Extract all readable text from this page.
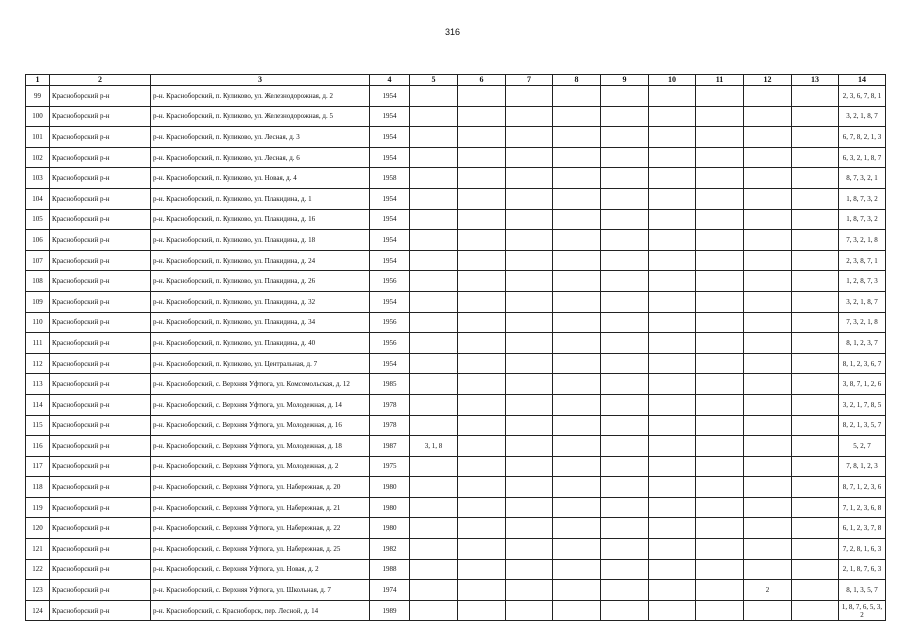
316
1	2	3	4	5	6	7	8	9	10	11	12	13	14
99	Красноборский р-н	р-н. Красноборский, п. Куликово, ул. Железнодорожная, д. 2	1954										2, 3, 6, 7, 8, 1
100	Красноборский р-н	р-н. Красноборский, п. Куликово, ул. Железнодорожная, д. 5	1954										3, 2, 1, 8, 7
101	Красноборский р-н	р-н. Красноборский, п. Куликово, ул. Лесная, д. 3	1954										6, 7, 8, 2, 1, 3
102	Красноборский р-н	р-н. Красноборский, п. Куликово, ул. Лесная, д. 6	1954										6, 3, 2, 1, 8, 7
103	Красноборский р-н	р-н. Красноборский, п. Куликово, ул. Новая, д. 4	1958										8, 7, 3, 2, 1
104	Красноборский р-н	р-н. Красноборский, п. Куликово, ул. Плакидина, д. 1	1954										1, 8, 7, 3, 2
105	Красноборский р-н	р-н. Красноборский, п. Куликово, ул. Плакидина, д. 16	1954										1, 8, 7, 3, 2
106	Красноборский р-н	р-н. Красноборский, п. Куликово, ул. Плакидина, д. 18	1954										7, 3, 2, 1, 8
107	Красноборский р-н	р-н. Красноборский, п. Куликово, ул. Плакидина, д. 24	1954										2, 3, 8, 7, 1
108	Красноборский р-н	р-н. Красноборский, п. Куликово, ул. Плакидина, д. 26	1956										1, 2, 8, 7, 3
109	Красноборский р-н	р-н. Красноборский, п. Куликово, ул. Плакидина, д. 32	1954										3, 2, 1, 8, 7
110	Красноборский р-н	р-н. Красноборский, п. Куликово, ул. Плакидина, д. 34	1956										7, 3, 2, 1, 8
111	Красноборский р-н	р-н. Красноборский, п. Куликово, ул. Плакидина, д. 40	1956										8, 1, 2, 3, 7
112	Красноборский р-н	р-н. Красноборский, п. Куликово, ул. Центральная, д. 7	1954										8, 1, 2, 3, 6, 7
113	Красноборский р-н	р-н. Красноборский, с. Верхняя Уфтюга, ул. Комсомольская, д. 12	1985										3, 8, 7, 1, 2, 6
114	Красноборский р-н	р-н. Красноборский, с. Верхняя Уфтюга, ул. Молодежная, д. 14	1978										3, 2, 1, 7, 8, 5
115	Красноборский р-н	р-н. Красноборский, с. Верхняя Уфтюга, ул. Молодежная, д. 16	1978										8, 2, 1, 3, 5, 7
116	Красноборский р-н	р-н. Красноборский, с. Верхняя Уфтюга, ул. Молодежная, д. 18	1987	3, 1, 8									5, 2, 7
117	Красноборский р-н	р-н. Красноборский, с. Верхняя Уфтюга, ул. Молодежная, д. 2	1975										7, 8, 1, 2, 3
118	Красноборский р-н	р-н. Красноборский, с. Верхняя Уфтюга, ул. Набережная, д. 20	1980										8, 7, 1, 2, 3, 6
119	Красноборский р-н	р-н. Красноборский, с. Верхняя Уфтюга, ул. Набережная, д. 21	1980										7, 1, 2, 3, 6, 8
120	Красноборский р-н	р-н. Красноборский, с. Верхняя Уфтюга, ул. Набережная, д. 22	1980										6, 1, 2, 3, 7, 8
121	Красноборский р-н	р-н. Красноборский, с. Верхняя Уфтюга, ул. Набережная, д. 25	1982										7, 2, 8, 1, 6, 3
122	Красноборский р-н	р-н. Красноборский, с. Верхняя Уфтюга, ул. Новая, д. 2	1988										2, 1, 8, 7, 6, 3
123	Красноборский р-н	р-н. Красноборский, с. Верхняя Уфтюга, ул. Школьная, д. 7	1974								2		8, 1, 3, 5, 7
124	Красноборский р-н	р-н. Красноборский, с. Красноборск, пер. Лесной, д. 14	1989										1, 8, 7, 6, 5, 3, 2
